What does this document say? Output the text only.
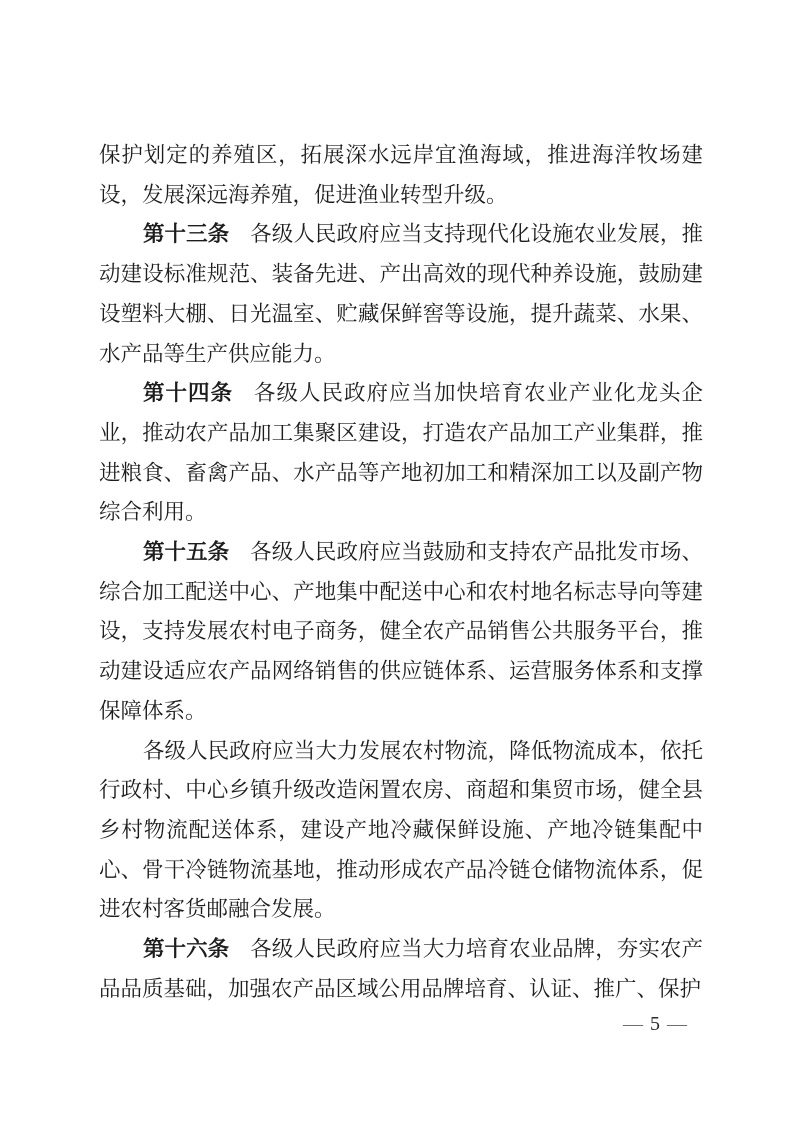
保护划定的养殖区，拓展深水远岸宜渔海域，推进海洋牧场建设，发展深远海养殖，促进渔业转型升级。

第十三条 各级人民政府应当支持现代化设施农业发展，推动建设标准规范、装备先进、产出高效的现代种养设施，鼓励建设塑料大棚、日光温室、贮藏保鲜窖等设施，提升蔬菜、水果、水产品等生产供应能力。

第十四条 各级人民政府应当加快培育农业产业化龙头企业，推动农产品加工集聚区建设，打造农产品加工产业集群，推进粮食、畜禽产品、水产品等产地初加工和精深加工以及副产物综合利用。

第十五条 各级人民政府应当鼓励和支持农产品批发市场、综合加工配送中心、产地集中配送中心和农村地名标志导向等建设，支持发展农村电子商务，健全农产品销售公共服务平台，推动建设适应农产品网络销售的供应链体系、运营服务体系和支撑保障体系。

各级人民政府应当大力发展农村物流，降低物流成本，依托行政村、中心乡镇升级改造闲置农房、商超和集贸市场，健全县乡村物流配送体系，建设产地冷藏保鲜设施、产地冷链集配中心、骨干冷链物流基地，推动形成农产品冷链仓储物流体系，促进农村客货邮融合发展。

第十六条 各级人民政府应当大力培育农业品牌，夯实农产品品质基础，加强农产品区域公用品牌培育、认证、推广、保护

— 5 —
